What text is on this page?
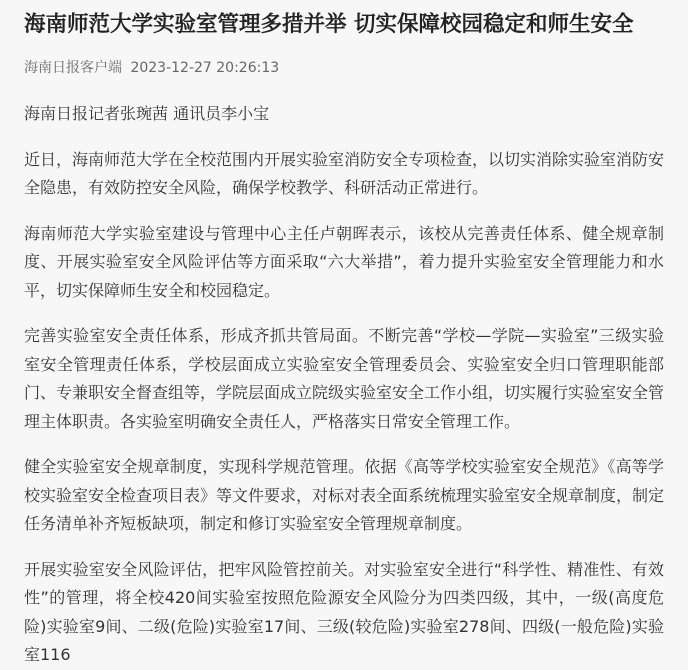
海南师范大学实验室管理多措并举 切实保障校园稳定和师生安全
海南日报客户端 2023-12-27 20:26:13
海南日报记者张琬茜 通讯员李小宝

近日，海南师范大学在全校范围内开展实验室消防安全专项检查，以切实消除实验室消防安全隐患，有效防控安全风险，确保学校教学、科研活动正常进行。

海南师范大学实验室建设与管理中心主任卢朝晖表示，该校从完善责任体系、健全规章制度、开展实验室安全风险评估等方面采取“六大举措”，着力提升实验室安全管理能力和水平，切实保障师生安全和校园稳定。

完善实验室安全责任体系，形成齐抓共管局面。不断完善“学校—学院—实验室”三级实验室安全管理责任体系，学校层面成立实验室安全管理委员会、实验室安全归口管理职能部门、专兼职安全督查组等，学院层面成立院级实验室安全工作小组，切实履行实验室安全管理主体职责。各实验室明确安全责任人，严格落实日常安全管理工作。

健全实验室安全规章制度，实现科学规范管理。依据《高等学校实验室安全规范》《高等学校实验室安全检查项目表》等文件要求，对标对表全面系统梳理实验室安全规章制度，制定任务清单补齐短板缺项，制定和修订实验室安全管理规章制度。

开展实验室安全风险评估，把牢风险管控前关。对实验室安全进行“科学性、精准性、有效性”的管理，将全校420间实验室按照危险源安全风险分为四类四级，其中，一级(高度危险)实验室9间、二级(危险)实验室17间、三级(较危险)实验室278间、四级(一般危险)实验室116
